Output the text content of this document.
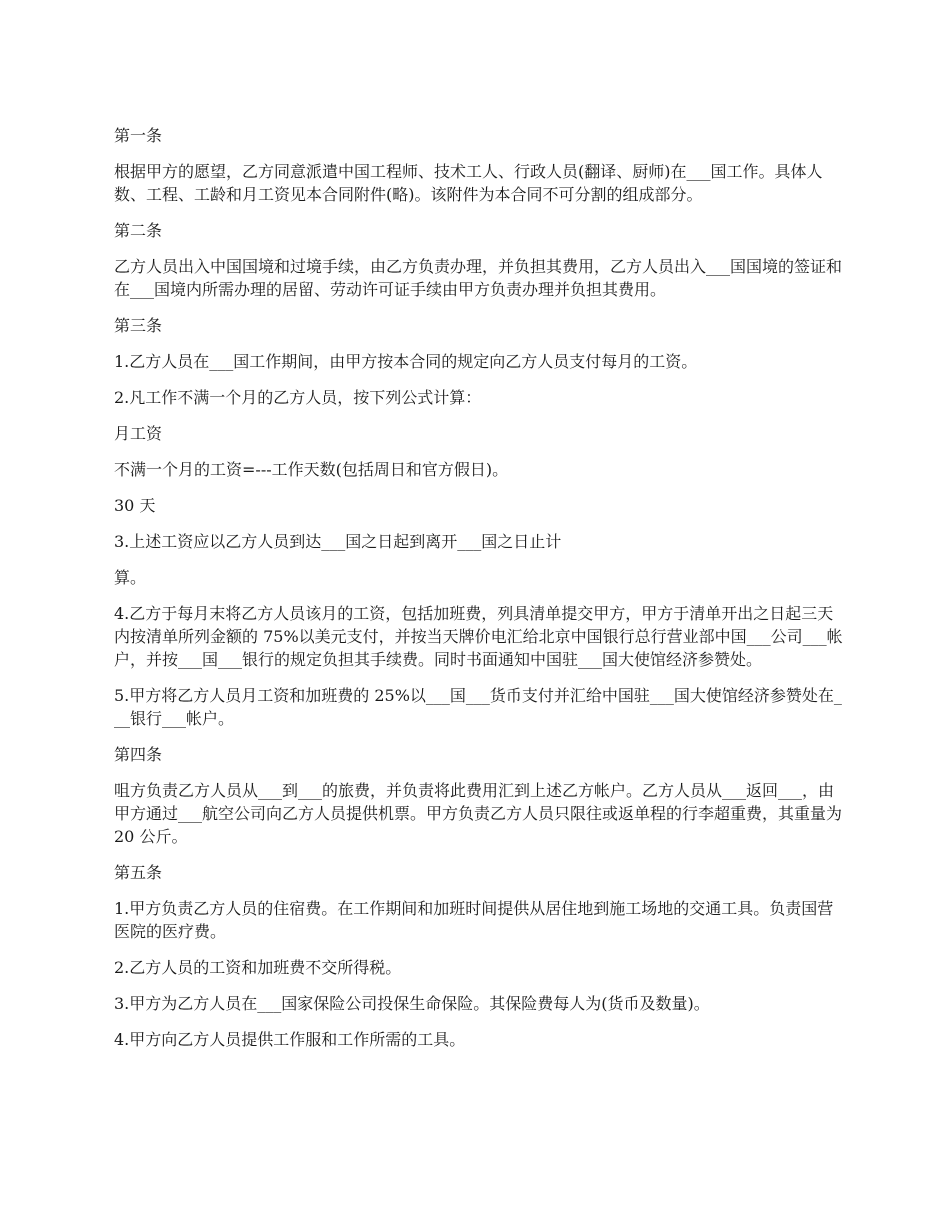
第一条

根据甲方的愿望，乙方同意派遣中国工程师、技术工人、行政人员(翻译、厨师)在___国工作。具体人数、工程、工龄和月工资见本合同附件(略)。该附件为本合同不可分割的组成部分。

第二条

乙方人员出入中国国境和过境手续，由乙方负责办理，并负担其费用，乙方人员出入___国国境的签证和在___国境内所需办理的居留、劳动许可证手续由甲方负责办理并负担其费用。

第三条

1.乙方人员在___国工作期间，由甲方按本合同的规定向乙方人员支付每月的工资。

2.凡工作不满一个月的乙方人员，按下列公式计算：

月工资

不满一个月的工资=---工作天数(包括周日和官方假日)。

30 天

3.上述工资应以乙方人员到达___国之日起到离开___国之日止计

算。

4.乙方于每月末将乙方人员该月的工资，包括加班费，列具清单提交甲方，甲方于清单开出之日起三天内按清单所列金额的 75%以美元支付，并按当天牌价电汇给北京中国银行总行营业部中国___公司___帐户，并按___国___银行的规定负担其手续费。同时书面通知中国驻___国大使馆经济参赞处。

5.甲方将乙方人员月工资和加班费的 25%以___国___货币支付并汇给中国驻___国大使馆经济参赞处在___银行___帐户。

第四条

咀方负责乙方人员从___到___的旅费，并负责将此费用汇到上述乙方帐户。乙方人员从___返回___，由甲方通过___航空公司向乙方人员提供机票。甲方负责乙方人员只限往或返单程的行李超重费，其重量为 20 公斤。

第五条

1.甲方负责乙方人员的住宿费。在工作期间和加班时间提供从居住地到施工场地的交通工具。负责国营医院的医疗费。

2.乙方人员的工资和加班费不交所得税。

3.甲方为乙方人员在___国家保险公司投保生命保险。其保险费每人为(货币及数量)。

4.甲方向乙方人员提供工作服和工作所需的工具。
